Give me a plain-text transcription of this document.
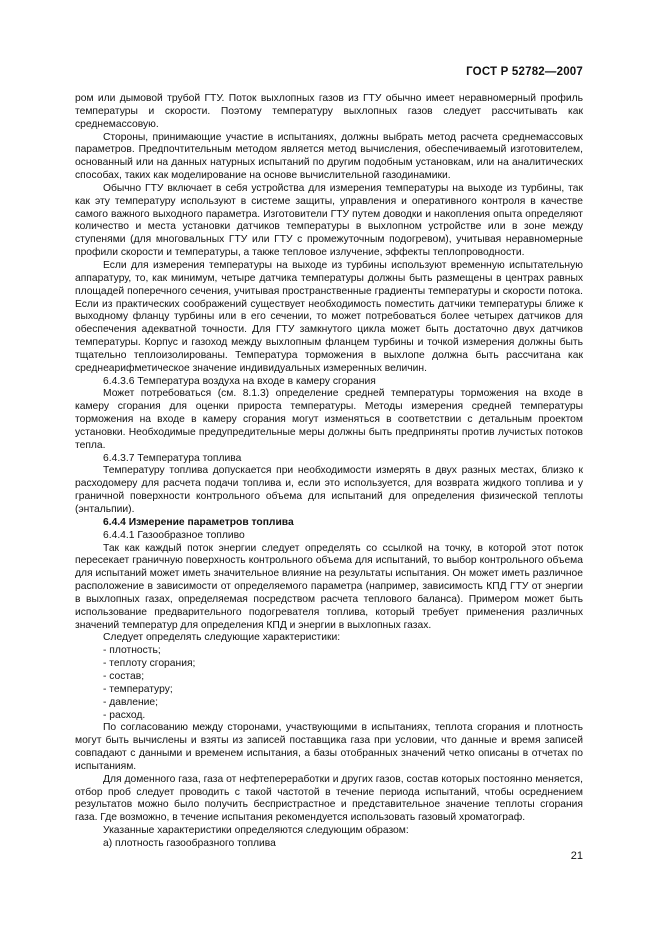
ГОСТ Р 52782—2007

ром или дымовой трубой ГТУ. Поток выхлопных газов из ГТУ обычно имеет неравномерный профиль температуры и скорости. Поэтому температуру выхлопных газов следует рассчитывать как среднемассовую.

Стороны, принимающие участие в испытаниях, должны выбрать метод расчета среднемассовых параметров. Предпочтительным методом является метод вычисления, обеспечиваемый изготовителем, основанный или на данных натурных испытаний по другим подобным установкам, или на аналитических способах, таких как моделирование на основе вычислительной газодинамики.

Обычно ГТУ включает в себя устройства для измерения температуры на выходе из турбины, так как эту температуру используют в системе защиты, управления и оперативного контроля в качестве самого важного выходного параметра. Изготовители ГТУ путем доводки и накопления опыта определяют количество и места установки датчиков температуры в выхлопном устройстве или в зоне между ступенями (для многовальных ГТУ или ГТУ с промежуточным подогревом), учитывая неравномерные профили скорости и температуры, а также тепловое излучение, эффекты теплопроводности.

Если для измерения температуры на выходе из турбины используют временную испытательную аппаратуру, то, как минимум, четыре датчика температуры должны быть размещены в центрах равных площадей поперечного сечения, учитывая пространственные градиенты температуры и скорости потока. Если из практических соображений существует необходимость поместить датчики температуры ближе к выходному фланцу турбины или в его сечении, то может потребоваться более четырех датчиков для обеспечения адекватной точности. Для ГТУ замкнутого цикла может быть достаточно двух датчиков температуры. Корпус и газоход между выхлопным фланцем турбины и точкой измерения должны быть тщательно теплоизолированы. Температура торможения в выхлопе должна быть рассчитана как среднеарифметическое значение индивидуальных измеренных величин.

6.4.3.6 Температура воздуха на входе в камеру сгорания

Может потребоваться (см. 8.1.3) определение средней температуры торможения на входе в камеру сгорания для оценки прироста температуры. Методы измерения средней температуры торможения на входе в камеру сгорания могут изменяться в соответствии с детальным проектом установки. Необходимые предупредительные меры должны быть предприняты против лучистых потоков тепла.

6.4.3.7 Температура топлива

Температуру топлива допускается при необходимости измерять в двух разных местах, близко к расходомеру для расчета подачи топлива и, если это используется, для возврата жидкого топлива и у граничной поверхности контрольного объема для испытаний для определения физической теплоты (энтальпии).

6.4.4 Измерение параметров топлива

6.4.4.1 Газообразное топливо

Так как каждый поток энергии следует определять со ссылкой на точку, в которой этот поток пересекает граничную поверхность контрольного объема для испытаний, то выбор контрольного объема для испытаний может иметь значительное влияние на результаты испытания. Он может иметь различное расположение в зависимости от определяемого параметра (например, зависимость КПД ГТУ от энергии в выхлопных газах, определяемая посредством расчета теплового баланса). Примером может быть использование предварительного подогревателя топлива, который требует применения различных значений температур для определения КПД и энергии в выхлопных газах.

Следует определять следующие характеристики:

- плотность;

- теплоту сгорания;

- состав;

- температуру;

- давление;

- расход.

По согласованию между сторонами, участвующими в испытаниях, теплота сгорания и плотность могут быть вычислены и взяты из записей поставщика газа при условии, что данные и время записей совпадают с данными и временем испытания, а базы отобранных значений четко описаны в отчетах по испытаниям.

Для доменного газа, газа от нефтепереработки и других газов, состав которых постоянно меняется, отбор проб следует проводить с такой частотой в течение периода испытаний, чтобы осреднением результатов можно было получить беспристрастное и представительное значение теплоты сгорания газа. Где возможно, в течение испытания рекомендуется использовать газовый хроматограф.

Указанные характеристики определяются следующим образом:

а) плотность газообразного топлива

21
